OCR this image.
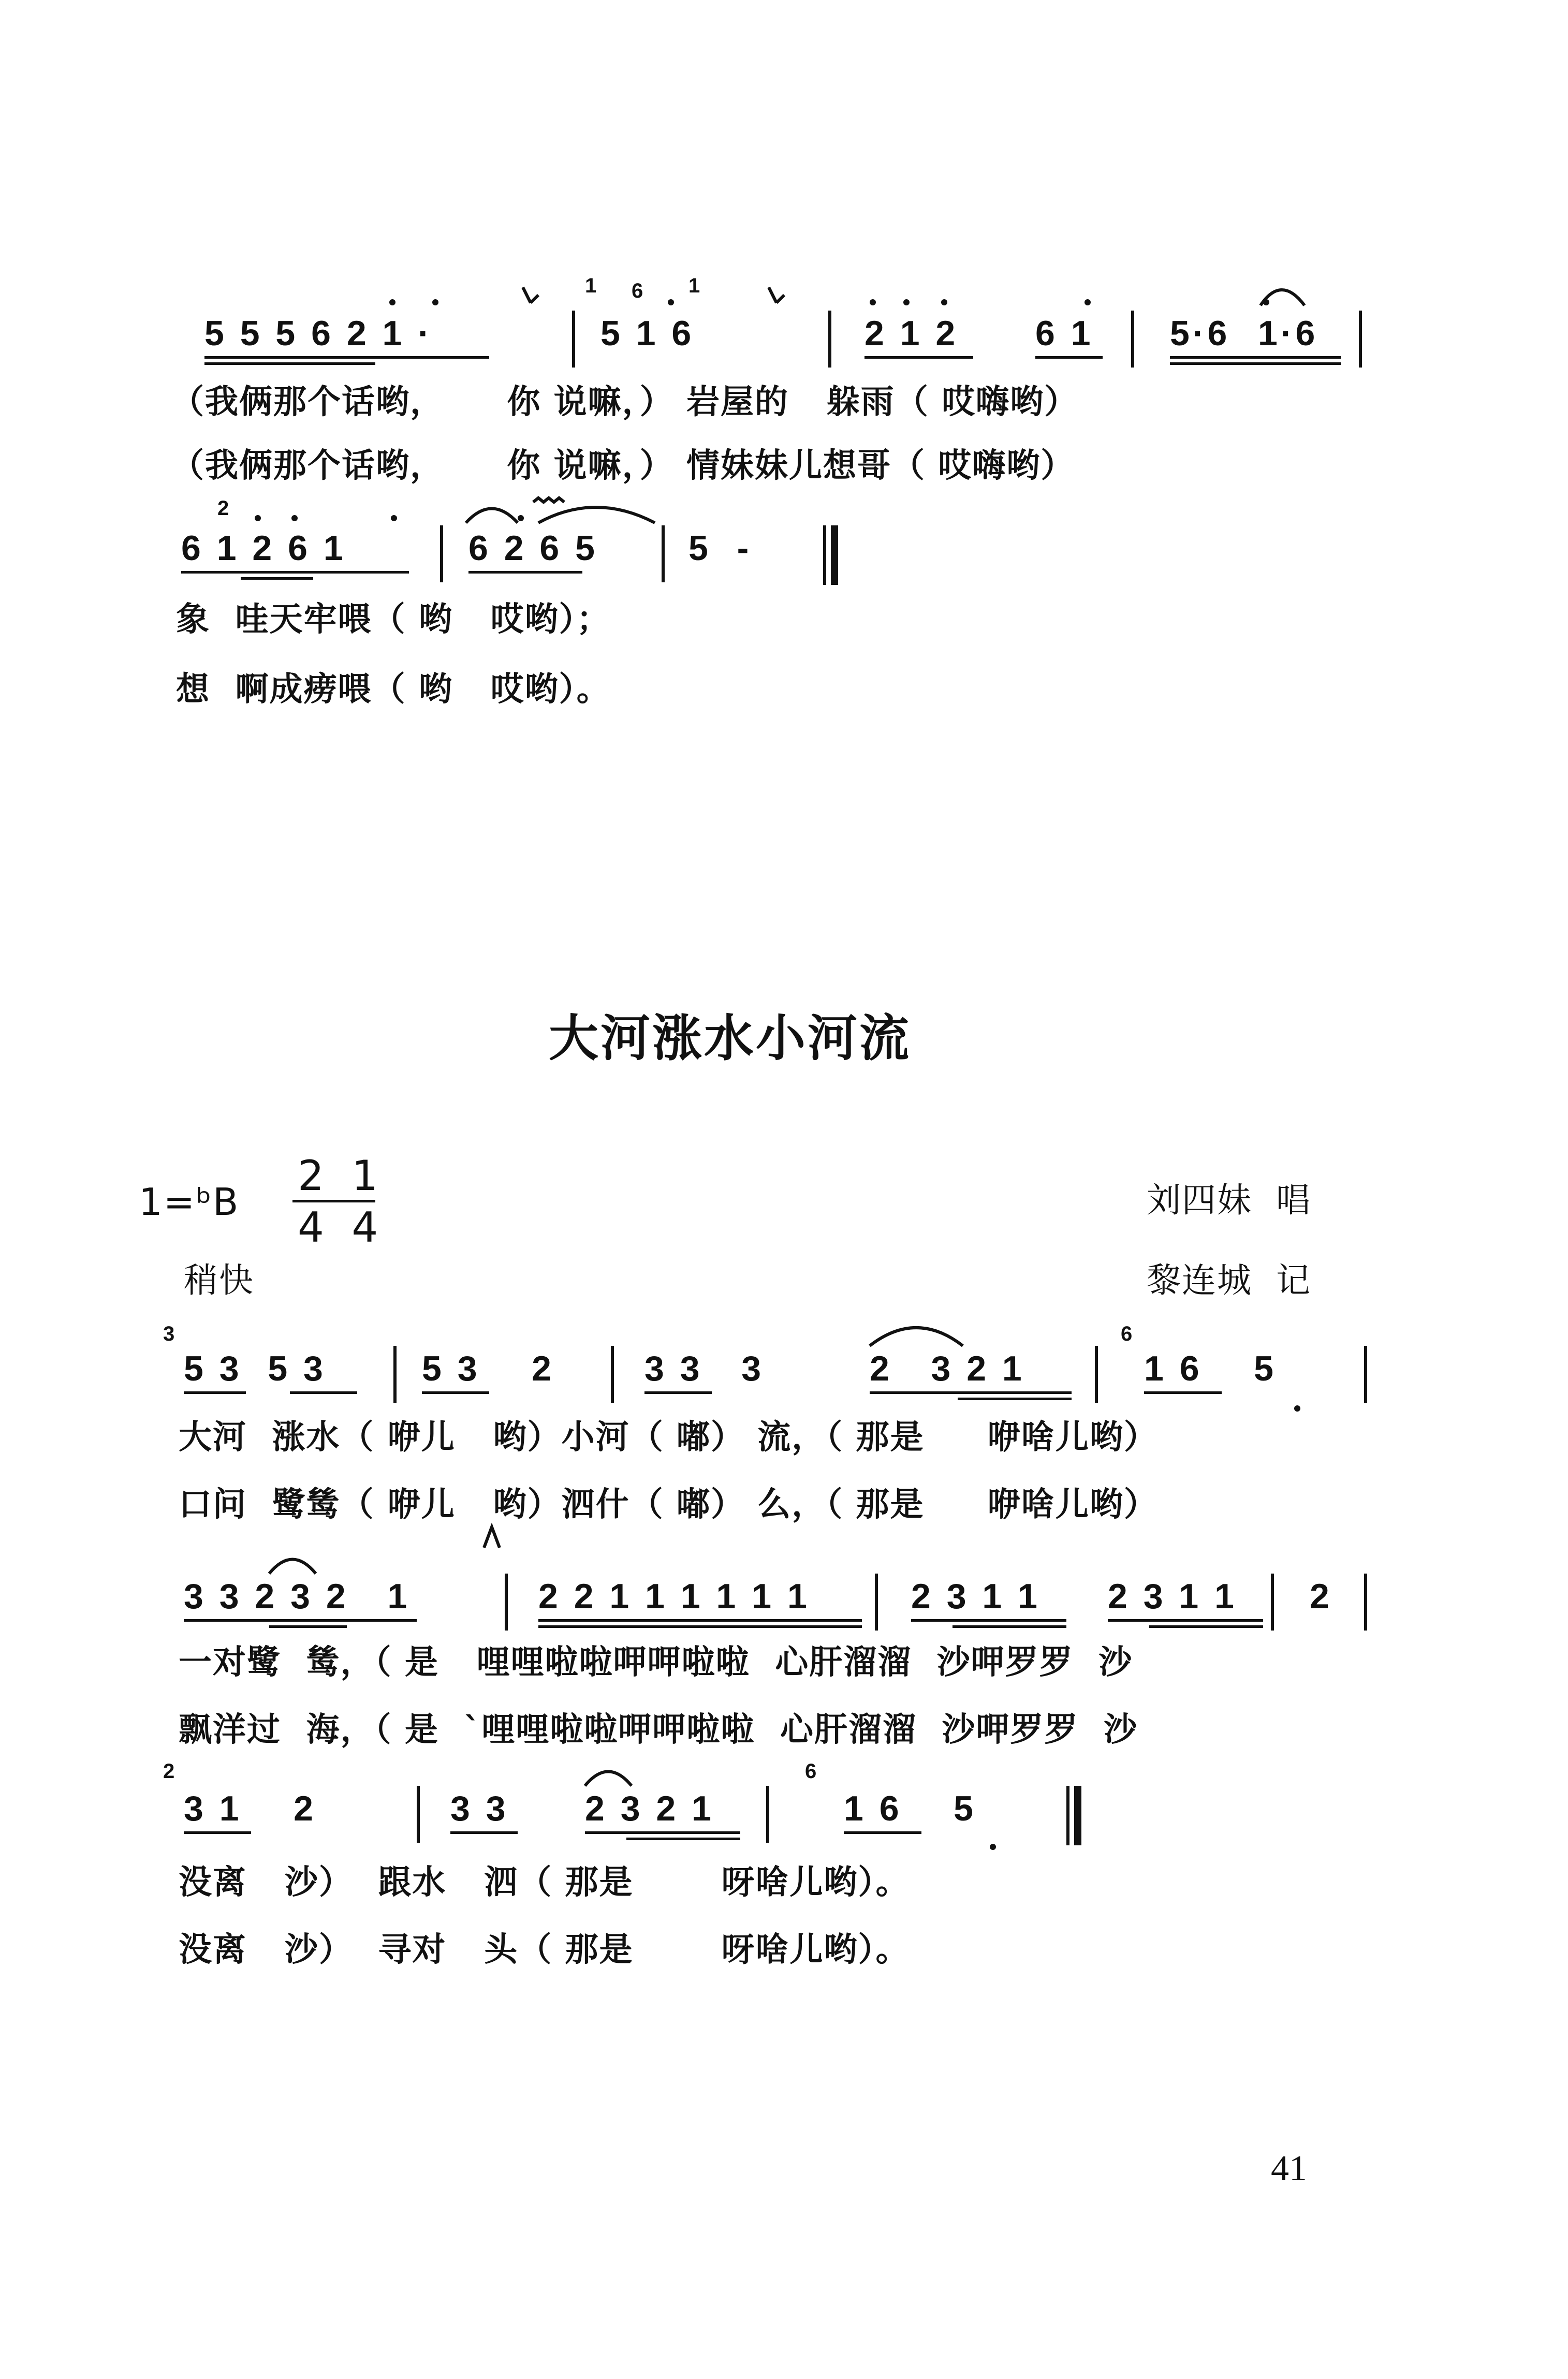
5 5 5 6 2 1 ·	5 1 6	2 1 2 6 1 5·6 1·6
（我俩那个话哟，     你 说嘛，） 岩屋的   躲雨（ 哎嗨哟）
（我俩那个话哟，     你 说嘛，） 情妹妹儿想哥（ 哎嗨哟）
6 1 2 6 1	6 2 6 5	5  -
象  哇天牢喂（ 哟   哎哟）；
想  啊成痨喂（ 哟   哎哟）。
大河涨水小河流
1=ᵇB
2 1
4 4
稍快
刘四妹  唱
黎连城  记
5 3  5 3	5 3    2	3 3   3	2   3 2 1	1 6    5
大河  涨水（ 咿儿   哟）小河（ 嘟） 流，（ 那是     咿啥儿哟）
口问  鹭鸶（ 咿儿   哟）泗什（ 嘟） 么，（ 那是     咿啥儿哟）
3 3 2 3 2   1	2 2 1 1 1 1 1 1	2 3 1 1 2 3 1 1 2
一对鹭  鸶，（ 是   哩哩啦啦呷呷啦啦  心肝溜溜  沙呷罗罗  沙
飘洋过  海，（ 是  ˋ哩哩啦啦呷呷啦啦  心肝溜溜  沙呷罗罗  沙
3 1    2	3 3 2 3 2 1	1 6    5
没离   沙）  跟水   泗（ 那是       呀啥儿哟）。
没离   沙）  寻对   头（ 那是       呀啥儿哟）。
1 6 1
2
3	6
2	6
41
